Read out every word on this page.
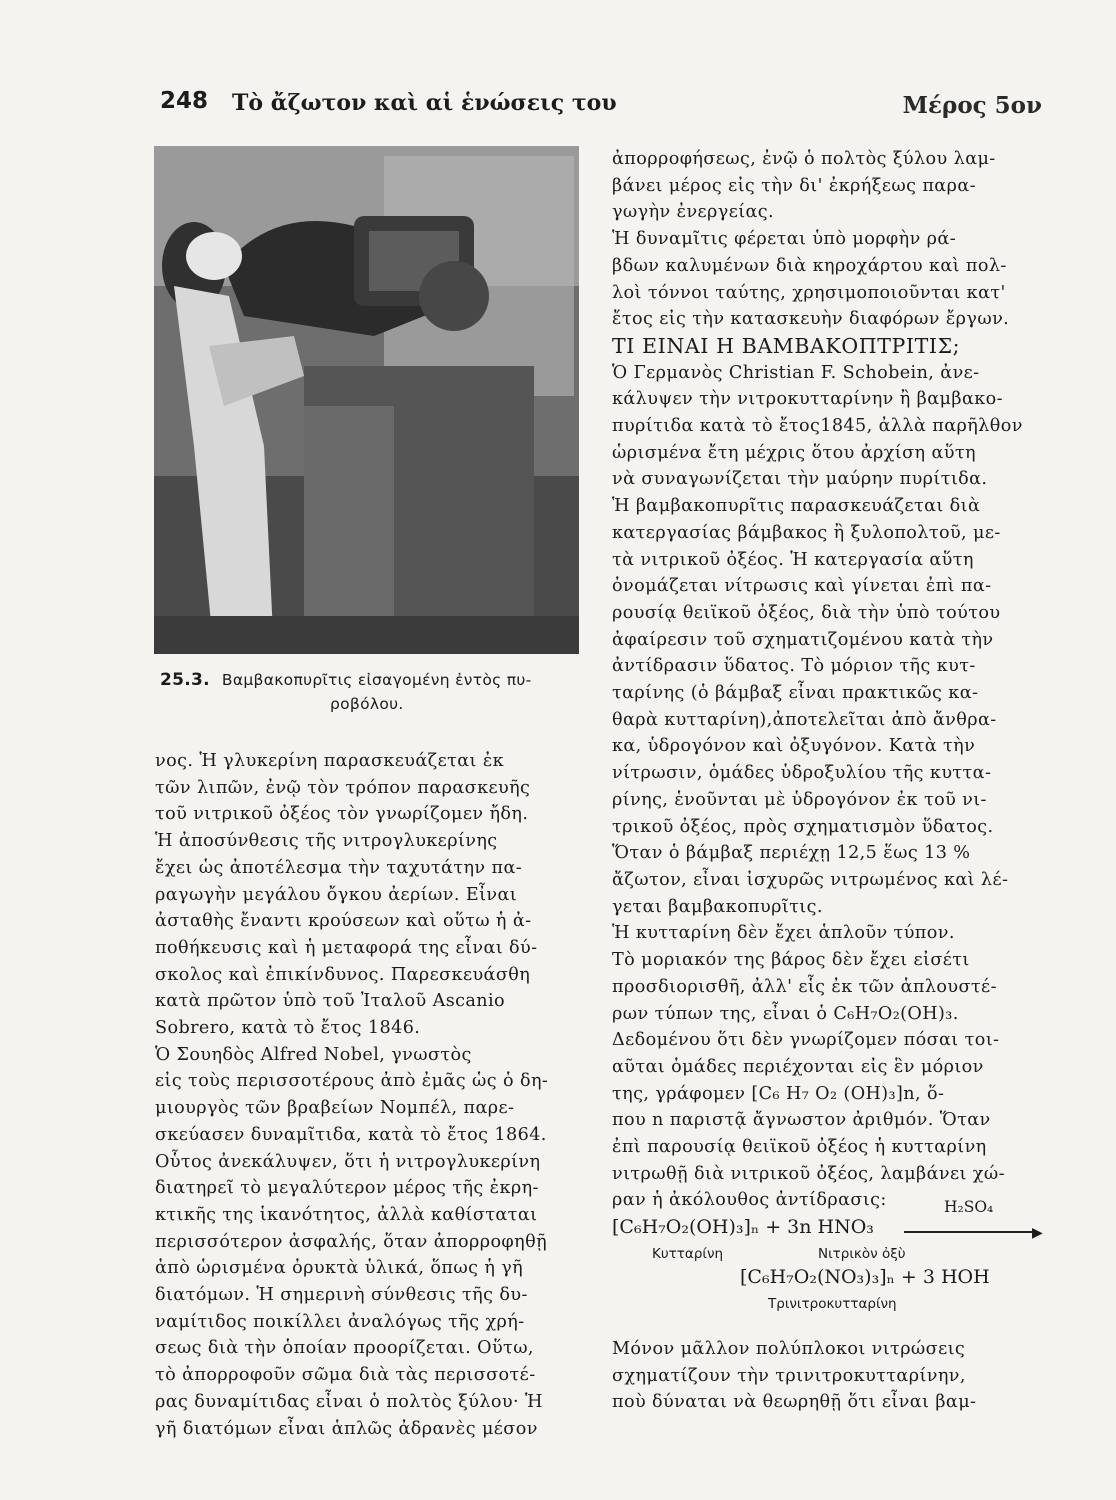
248 Τὸ ἄζωτον καὶ αἱ ἑνώσεις του	Μέρος 5ον
25.3. Βαμβακοπυρῖτις εἰσαγομένη ἐντὸς πυ-
ροβόλου.
νος. Ἡ γλυκερίνη παρασκευάζεται ἐκ
τῶν λιπῶν, ἐνῷ τὸν τρόπον παρασκευῆς
τοῦ νιτρικοῦ ὀξέος τὸν γνωρίζομεν ἤδη.
Ἡ ἀποσύνθεσις τῆς νιτρογλυκερίνης
ἔχει ὡς ἀποτέλεσμα τὴν ταχυτάτην πα-
ραγωγὴν μεγάλου ὄγκου ἀερίων. Εἶναι
ἀσταθὴς ἔναντι κρούσεων καὶ οὕτω ἡ ἀ-
ποθήκευσις καὶ ἡ μεταφορά της εἶναι δύ-
σκολος καὶ ἐπικίνδυνος. Παρεσκευάσθη
κατὰ πρῶτον ὑπὸ τοῦ Ἰταλοῦ Ascanio
Sobrero, κατὰ τὸ ἔτος 1846.
Ὁ Σουηδὸς Alfred Nobel, γνωστὸς
εἰς τοὺς περισσοτέρους ἀπὸ ἐμᾶς ὡς ὁ δη-
μιουργὸς τῶν βραβείων Νομπέλ, παρε-
σκεύασεν δυναμῖτιδα, κατὰ τὸ ἔτος 1864.
Οὗτος ἀνεκάλυψεν, ὅτι ἡ νιτρογλυκερίνη
διατηρεῖ τὸ μεγαλύτερον μέρος τῆς ἐκρη-
κτικῆς της ἱκανότητος, ἀλλὰ καθίσταται
περισσότερον ἀσφαλής, ὅταν ἀπορροφηθῇ
ἀπὸ ὡρισμένα ὀρυκτὰ ὑλικά, ὅπως ἡ γῆ
διατόμων. Ἡ σημερινὴ σύνθεσις τῆς δυ-
ναμίτιδος ποικίλλει ἀναλόγως τῆς χρή-
σεως διὰ τὴν ὁποίαν προορίζεται. Οὕτω,
τὸ ἀπορροφοῦν σῶμα διὰ τὰς περισσοτέ-
ρας δυναμίτιδας εἶναι ὁ πολτὸς ξύλου· Ἡ
γῆ διατόμων εἶναι ἁπλῶς ἀδρανὲς μέσον
ἀπορροφήσεως, ἐνῷ ὁ πολτὸς ξύλου λαμ-
βάνει μέρος εἰς τὴν δι' ἐκρήξεως παρα-
γωγὴν ἐνεργείας.
Ἡ δυναμῖτις φέρεται ὑπὸ μορφὴν ρά-
βδων καλυμένων διὰ κηροχάρτου καὶ πολ-
λοὶ τόννοι ταύτης, χρησιμοποιοῦνται κατ'
ἔτος εἰς τὴν κατασκευὴν διαφόρων ἔργων.
ΤΙ ΕΙΝΑΙ Η ΒΑΜΒΑΚΟΠΤΡΙΤΙΣ;
Ὁ Γερμανὸς Christian F. Schobein, ἀνε-
κάλυψεν τὴν νιτροκυτταρίνην ἢ βαμβακο-
πυρίτιδα κατὰ τὸ ἔτος1845, ἀλλὰ παρῆλθον
ὡρισμένα ἔτη μέχρις ὅτου ἀρχίση αὕτη
νὰ συναγωνίζεται τὴν μαύρην πυρίτιδα.
Ἡ βαμβακοπυρῖτις παρασκευάζεται διὰ
κατεργασίας βάμβακος ἢ ξυλοπολτοῦ, με-
τὰ νιτρικοῦ ὀξέος. Ἡ κατεργασία αὕτη
ὀνομάζεται νίτρωσις καὶ γίνεται ἐπὶ πα-
ρουσίᾳ θειϊκοῦ ὀξέος, διὰ τὴν ὑπὸ τούτου
ἀφαίρεσιν τοῦ σχηματιζομένου κατὰ τὴν
ἀντίδρασιν ὕδατος. Τὸ μόριον τῆς κυτ-
ταρίνης (ὁ βάμβαξ εἶναι πρακτικῶς κα-
θαρὰ κυτταρίνη),ἀποτελεῖται ἀπὸ ἄνθρα-
κα, ὑδρογόνον καὶ ὀξυγόνον. Κατὰ τὴν
νίτρωσιν, ὁμάδες ὑδροξυλίου τῆς κυττα-
ρίνης, ἑνοῦνται μὲ ὑδρογόνον ἐκ τοῦ νι-
τρικοῦ ὀξέος, πρὸς σχηματισμὸν ὕδατος.
Ὅταν ὁ βάμβαξ περιέχῃ 12,5 ἕως 13 %
ἄζωτον, εἶναι ἰσχυρῶς νιτρωμένος καὶ λέ-
γεται βαμβακοπυρῖτις.
Ἡ κυτταρίνη δὲν ἔχει ἁπλοῦν τύπον.
Τὸ μοριακόν της βάρος δὲν ἔχει εἰσέτι
προσδιορισθῆ, ἀλλ' εἷς ἐκ τῶν ἁπλουστέ-
ρων τύπων της, εἶναι ὁ C₆H₇O₂(OH)₃.
Δεδομένου ὅτι δὲν γνωρίζομεν πόσαι τοι-
αῦται ὁμάδες περιέχονται εἰς ἓν μόριον
της, γράφομεν [C₆ H₇ O₂ (OH)₃]n, ὅ-
που n παριστᾷ ἄγνωστον ἀριθμόν. Ὅταν
ἐπὶ παρουσίᾳ θειϊκοῦ ὀξέος ἡ κυτταρίνη
νιτρωθῇ διὰ νιτρικοῦ ὀξέος, λαμβάνει χώ-
ραν ἡ ἀκόλουθος ἀντίδρασις:	H₂SO₄
▶
[C₆H₇O₂(OH)₃]ₙ + 3n HNO₃
Κυτταρίνη	Νιτρικὸν ὀξὺ
[C₆H₇O₂(NO₃)₃]ₙ + 3 HOH
Τρινιτροκυτταρίνη
Μόνον μᾶλλον πολύπλοκοι νιτρώσεις
σχηματίζουν τὴν τρινιτροκυτταρίνην,
ποὺ δύναται νὰ θεωρηθῇ ὅτι εἶναι βαμ-
